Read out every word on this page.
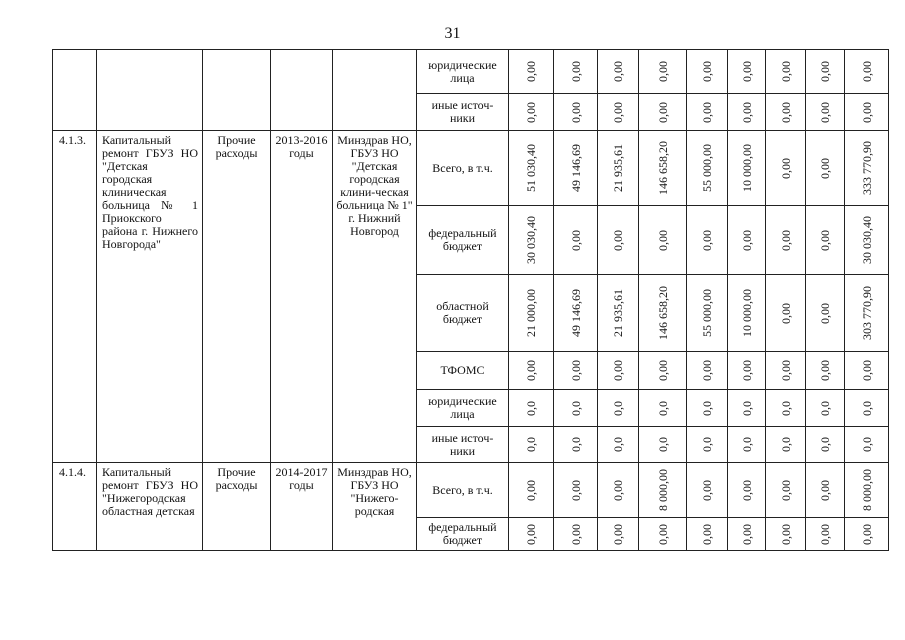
31
					юридические лица	0,00	0,00	0,00	0,00	0,00	0,00	0,00	0,00	0,00

					иные источ-ники	0,00	0,00	0,00	0,00	0,00	0,00	0,00	0,00	0,00

4.1.3.	Капитальный ремонт ГБУЗ НО "Детская городская клиническая больница № 1 Приокского района г. Нижнего Новгорода"	Прочие расходы	2013-2016 годы	Минздрав НО, ГБУЗ НО "Детская городская клини-ческая больница № 1" г. Нижний Новгород	Всего, в т.ч.	51 030,40	49 146,69	21 935,61	146 658,20	55 000,00	10 000,00	0,00	0,00	333 770,90

					федеральный бюджет	30 030,40	0,00	0,00	0,00	0,00	0,00	0,00	0,00	30 030,40

					областной бюджет	21 000,00	49 146,69	21 935,61	146 658,20	55 000,00	10 000,00	0,00	0,00	303 770,90

					ТФОМС	0,00	0,00	0,00	0,00	0,00	0,00	0,00	0,00	0,00

					юридические лица	0,0	0,0	0,0	0,0	0,0	0,0	0,0	0,0	0,0

					иные источ-ники	0,0	0,0	0,0	0,0	0,0	0,0	0,0	0,0	0,0

4.1.4.	Капитальный ремонт ГБУЗ НО "Нижегородская областная детская	Прочие расходы	2014-2017 годы	Минздрав НО, ГБУЗ НО "Нижего-родская	Всего, в т.ч.	0,00	0,00	0,00	8 000,00	0,00	0,00	0,00	0,00	8 000,00

					федеральный бюджет	0,00	0,00	0,00	0,00	0,00	0,00	0,00	0,00	0,00
